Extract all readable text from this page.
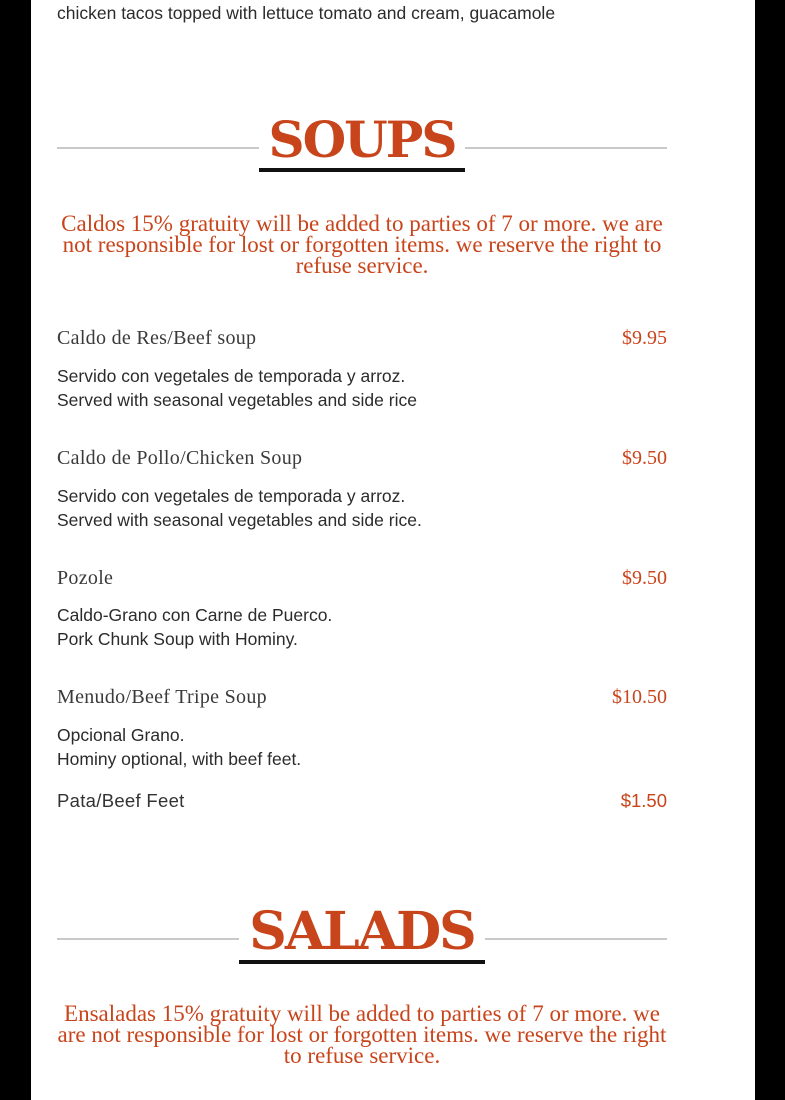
chicken tacos topped with lettuce tomato and cream, guacamole
SOUPS
Caldos 15% gratuity will be added to parties of 7 or more. we are not responsible for lost or forgotten items. we reserve the right to refuse service.
Caldo de Res/Beef soup	$9.95
Servido con vegetales de temporada y arroz.
Served with seasonal vegetables and side rice
Caldo de Pollo/Chicken Soup	$9.50
Servido con vegetales de temporada y arroz.
Served with seasonal vegetables and side rice.
Pozole	$9.50
Caldo-Grano con Carne de Puerco.
Pork Chunk Soup with Hominy.
Menudo/Beef Tripe Soup	$10.50
Opcional Grano.
Hominy optional, with beef feet.
Pata/Beef Feet	$1.50
SALADS
Ensaladas 15% gratuity will be added to parties of 7 or more. we are not responsible for lost or forgotten items. we reserve the right to refuse service.
